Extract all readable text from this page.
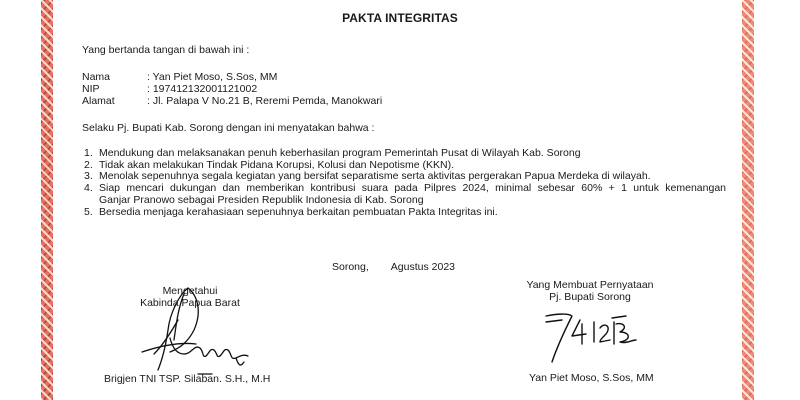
PAKTA INTEGRITAS
Yang bertanda tangan di bawah ini :
Nama	: Yan Piet Moso, S.Sos, MM
NIP	: 197412132001121002
Alamat	: Jl. Palapa V No.21 B, Reremi Pemda, Manokwari
Selaku Pj. Bupati Kab. Sorong dengan ini menyatakan bahwa :
1. Mendukung dan melaksanakan penuh keberhasilan program Pemerintah Pusat di Wilayah Kab. Sorong
2. Tidak akan melakukan Tindak Pidana Korupsi, Kolusi dan Nepotisme (KKN).
3. Menolak sepenuhnya segala kegiatan yang bersifat separatisme serta aktivitas pergerakan Papua Merdeka di wilayah.
4. Siap mencari dukungan dan memberikan kontribusi suara pada Pilpres 2024, minimal sebesar 60% + 1 untuk kemenangan
Ganjar Pranowo sebagai Presiden Republik Indonesia di Kab. Sorong
5. Bersedia menjaga kerahasiaan sepenuhnya berkaitan pembuatan Pakta Integritas ini.
Sorong, Agustus 2023
Mengetahui
Kabinda Papua Barat
Brigjen TNI TSP. Silaban. S.H., M.H
Yang Membuat Pernyataan
Pj. Bupati Sorong
Yan Piet Moso, S.Sos, MM
